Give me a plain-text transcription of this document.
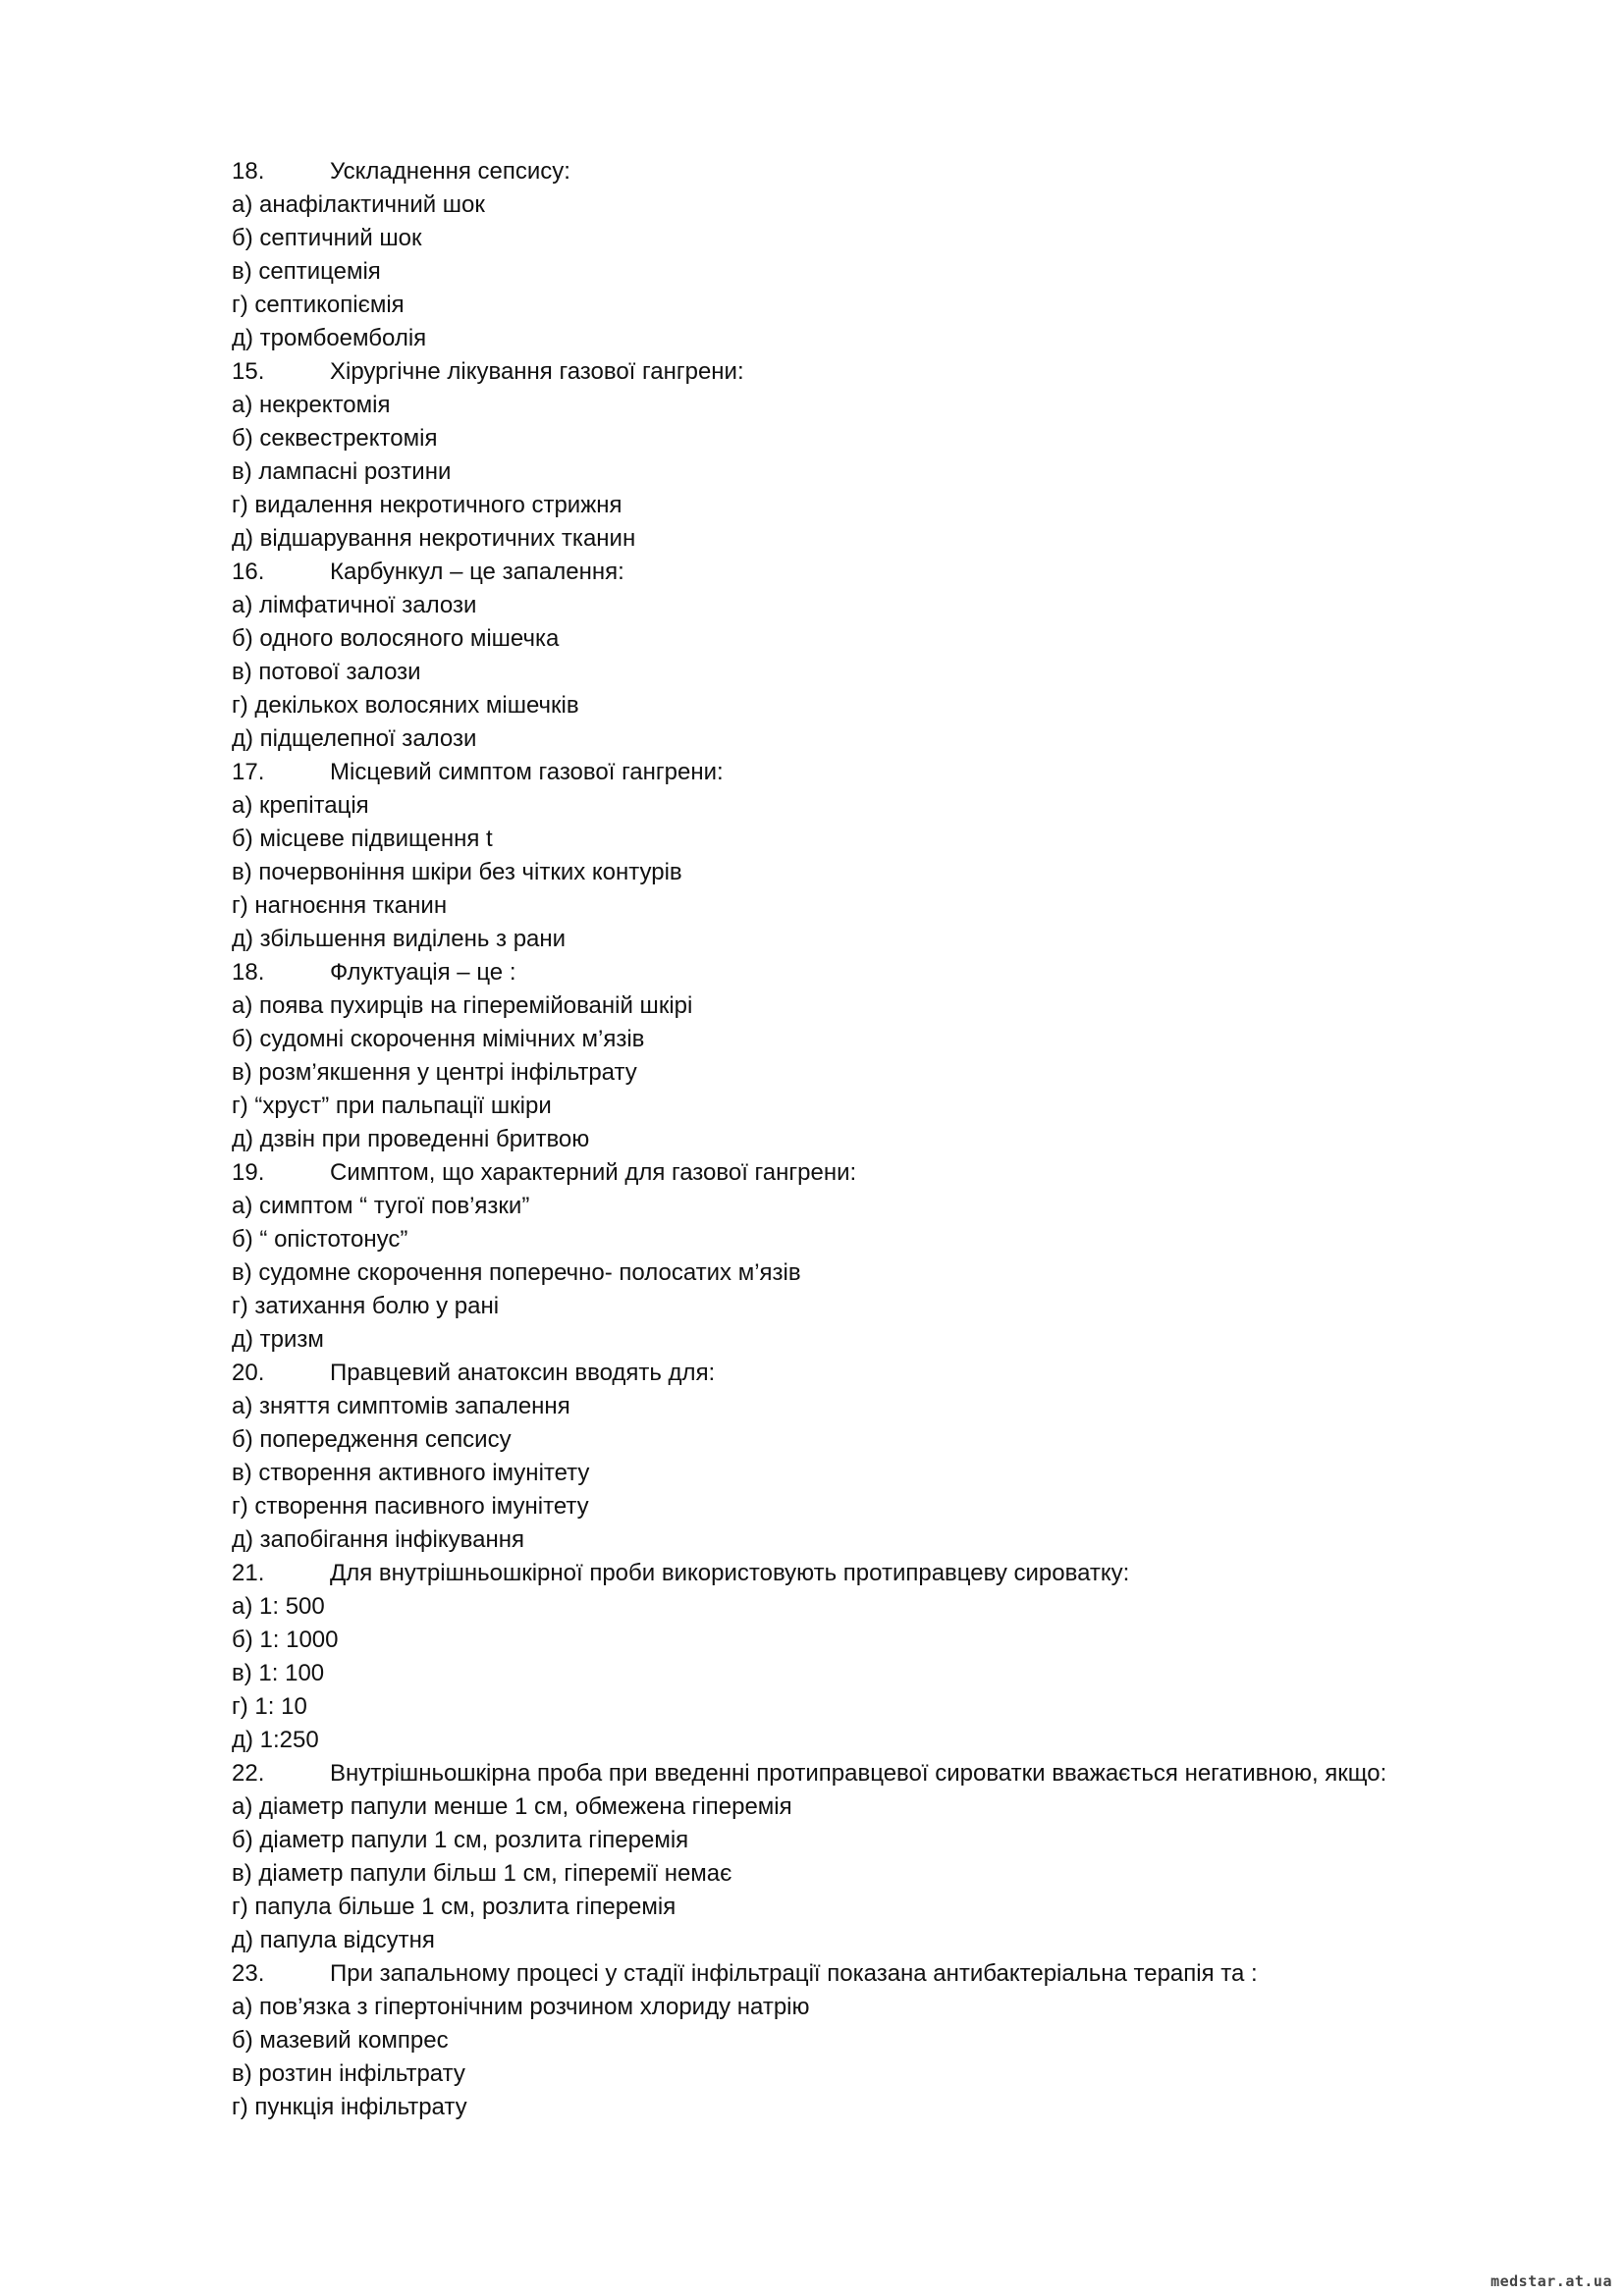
18.	Ускладнення сепсису:
а) анафілактичний шок
б) септичний шок
в) септицемія
г) септикопіємія
д) тромбоемболія
15.	Хірургічне лікування газової гангрени:
а) некректомія
б) секвестректомія
в) лампасні розтини
г) видалення некротичного стрижня
д) відшарування некротичних тканин
16.	Карбункул – це запалення:
а) лімфатичної залози
б) одного волосяного мішечка
в) потової залози
г) декількох волосяних мішечків
д) підщелепної залози
17.	Місцевий симптом газової гангрени:
а) крепітація
б) місцеве підвищення t
в) почервоніння шкіри без чітких контурів
г) нагноєння тканин
д) збільшення виділень з рани
18.	Флуктуація – це :
а) поява пухирців на гіперемійованій шкірі
б) судомні скорочення мімічних м’язів
в) розм’якшення у центрі інфільтрату
г) “хруст” при пальпації шкіри
д) дзвін при проведенні бритвою
19.	Симптом, що характерний для газової гангрени:
а) симптом “ тугої пов’язки”
б) “ опістотонус”
в) судомне скорочення поперечно- полосатих м’язів
г) затихання болю у рані
д) тризм
20.	Правцевий анатоксин вводять для:
а) зняття симптомів запалення
б) попередження сепсису
в) створення активного імунітету
г) створення пасивного імунітету
д) запобігання інфікування
21.	Для внутрішньошкірної проби використовують протиправцеву сироватку:
а) 1: 500
б) 1: 1000
в) 1: 100
г) 1: 10
д) 1:250
22.	Внутрішньошкірна проба при введенні протиправцевої сироватки вважається негативною, якщо:
а) діаметр папули менше 1 см, обмежена гіперемія
б) діаметр папули 1 см, розлита гіперемія
в) діаметр папули більш 1 см, гіперемії немає
г) папула більше 1 см, розлита гіперемія
д) папула відсутня
23.	При запальному процесі у стадії інфільтрації показана антибактеріальна терапія та :
а) пов’язка з гіпертонічним розчином хлориду натрію
б) мазевий компрес
в) розтин інфільтрату
г) пункція інфільтрату
medstar.at.ua
